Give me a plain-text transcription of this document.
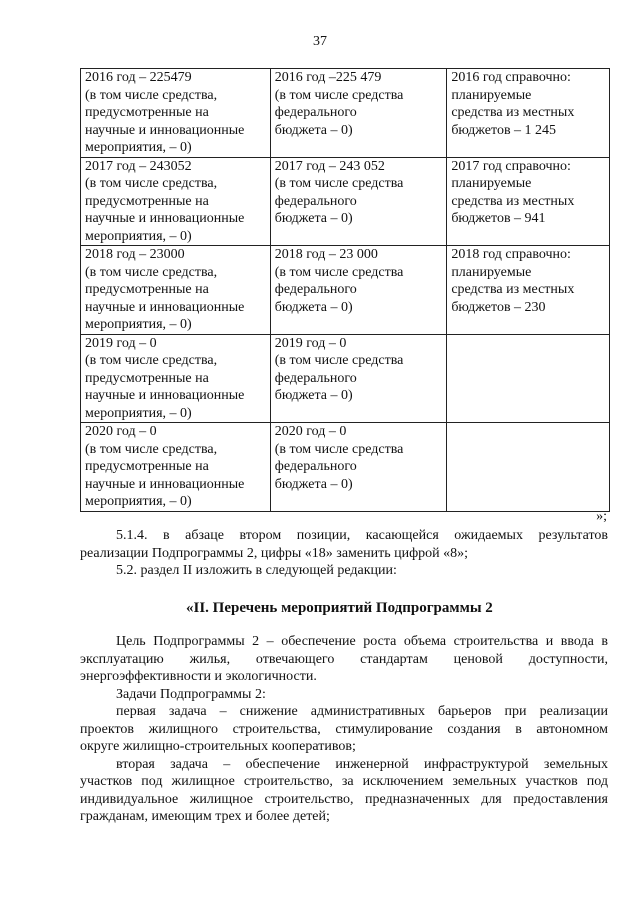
37
2016 год – 225479
(в том числе средства,
предусмотренные на
научные и инновационные
мероприятия, – 0)	2016 год –225 479
(в том числе средства
федерального
бюджета – 0)	2016 год справочно:
планируемые
средства из местных
бюджетов – 1 245

2017 год – 243052
(в том числе средства,
предусмотренные на
научные и инновационные
мероприятия, – 0)	2017 год – 243 052
(в том числе средства
федерального
бюджета – 0)	2017 год справочно:
планируемые
средства из местных
бюджетов – 941

2018 год – 23000
(в том числе средства,
предусмотренные на
научные и инновационные
мероприятия, – 0)	2018 год – 23 000
(в том числе средства
федерального
бюджета – 0)	2018 год справочно:
планируемые
средства из местных
бюджетов – 230

2019 год – 0
(в том числе средства,
предусмотренные на
научные и инновационные
мероприятия, – 0)	2019 год – 0
(в том числе средства
федерального
бюджета – 0)	

2020 год – 0
(в том числе средства,
предусмотренные на
научные и инновационные
мероприятия, – 0)	2020 год – 0
(в том числе средства
федерального
бюджета – 0)	

»;
5.1.4. в абзаце втором позиции, касающейся ожидаемых результатов
реализации Подпрограммы 2, цифры «18» заменить цифрой «8»;
5.2. раздел II изложить в следующей редакции:
«II. Перечень мероприятий Подпрограммы 2
Цель Подпрограммы 2 – обеспечение роста объема строительства и ввода в
эксплуатацию жилья, отвечающего стандартам ценовой доступности,
энергоэффективности и экологичности.
Задачи Подпрограммы 2:
первая задача – снижение административных барьеров при реализации
проектов жилищного строительства, стимулирование создания в автономном
округе жилищно-строительных кооперативов;
вторая задача – обеспечение инженерной инфраструктурой земельных
участков под жилищное строительство, за исключением земельных участков под
индивидуальное жилищное строительство, предназначенных для предоставления
гражданам, имеющим трех и более детей;
